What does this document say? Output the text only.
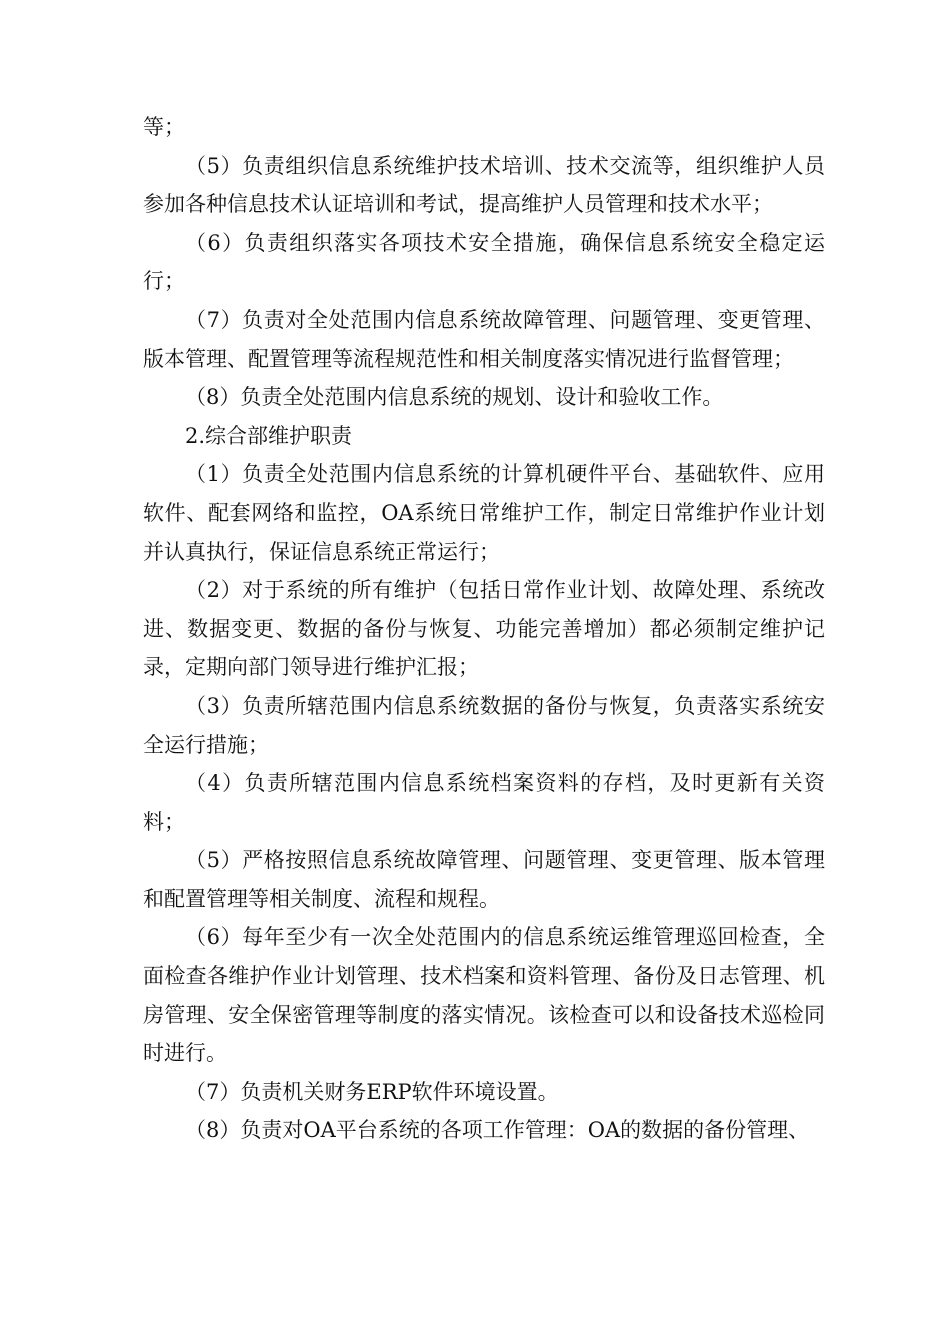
等；

（5）负责组织信息系统维护技术培训、技术交流等，组织维护人员参加各种信息技术认证培训和考试，提高维护人员管理和技术水平；

（6）负责组织落实各项技术安全措施，确保信息系统安全稳定运行；

（7）负责对全处范围内信息系统故障管理、问题管理、变更管理、版本管理、配置管理等流程规范性和相关制度落实情况进行监督管理；

（8）负责全处范围内信息系统的规划、设计和验收工作。

2.综合部维护职责

（1）负责全处范围内信息系统的计算机硬件平台、基础软件、应用软件、配套网络和监控，OA系统日常维护工作，制定日常维护作业计划并认真执行，保证信息系统正常运行；

（2）对于系统的所有维护（包括日常作业计划、故障处理、系统改进、数据变更、数据的备份与恢复、功能完善增加）都必须制定维护记录，定期向部门领导进行维护汇报；

（3）负责所辖范围内信息系统数据的备份与恢复，负责落实系统安全运行措施；

（4）负责所辖范围内信息系统档案资料的存档，及时更新有关资料；

（5）严格按照信息系统故障管理、问题管理、变更管理、版本管理和配置管理等相关制度、流程和规程。

（6）每年至少有一次全处范围内的信息系统运维管理巡回检查，全面检查各维护作业计划管理、技术档案和资料管理、备份及日志管理、机房管理、安全保密管理等制度的落实情况。该检查可以和设备技术巡检同时进行。

（7）负责机关财务ERP软件环境设置。

（8）负责对OA平台系统的各项工作管理：OA的数据的备份管理、
